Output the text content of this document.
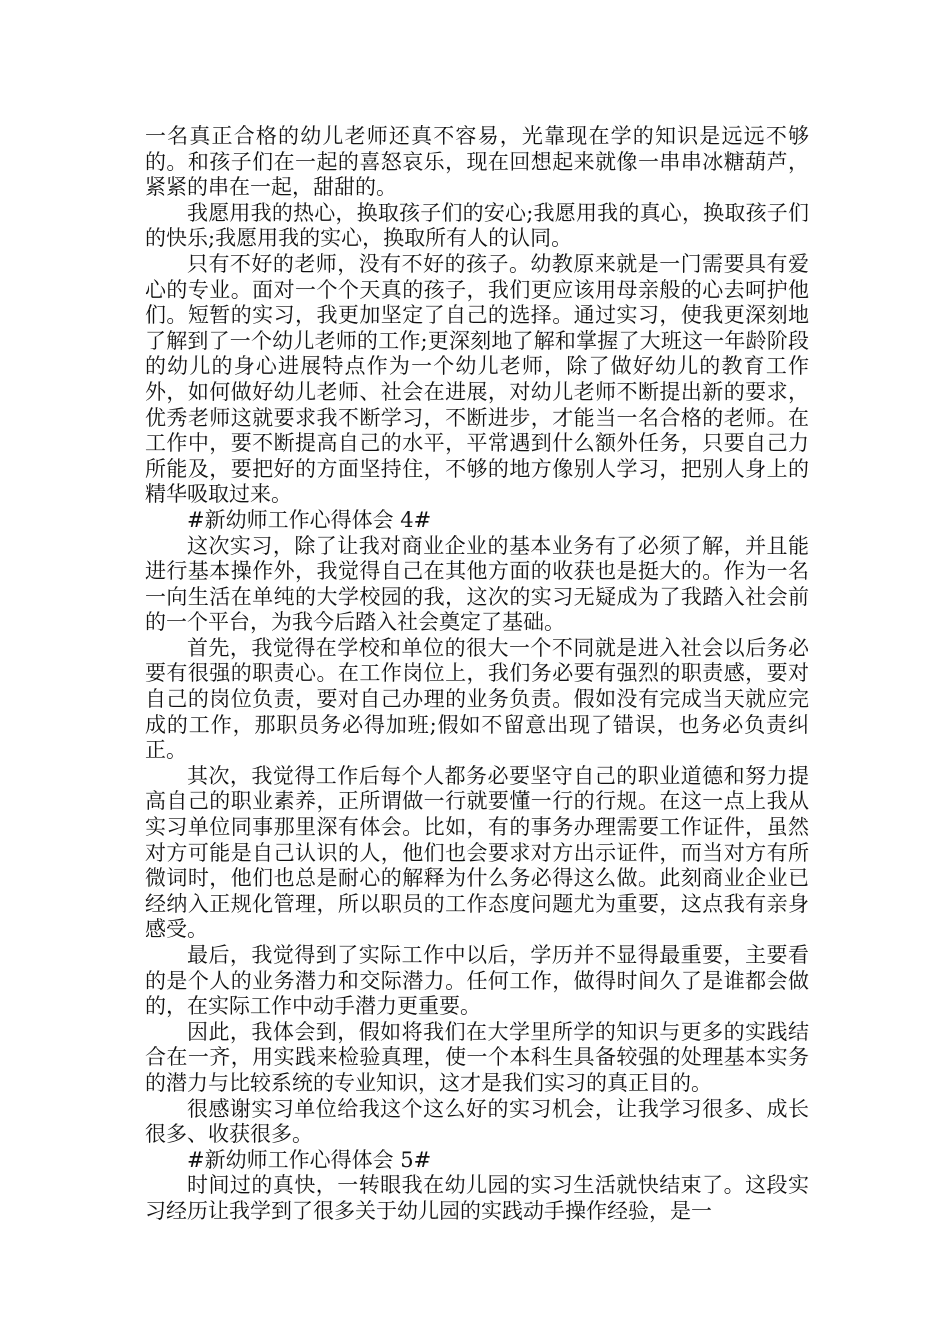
一名真正合格的幼儿老师还真不容易，光靠现在学的知识是远远不够的。和孩子们在一起的喜怒哀乐，现在回想起来就像一串串冰糖葫芦，紧紧的串在一起，甜甜的。

我愿用我的热心，换取孩子们的安心;我愿用我的真心，换取孩子们的快乐;我愿用我的实心，换取所有人的认同。

只有不好的老师，没有不好的孩子。幼教原来就是一门需要具有爱心的专业。面对一个个天真的孩子，我们更应该用母亲般的心去呵护他们。短暂的实习，我更加坚定了自己的选择。通过实习，使我更深刻地了解到了一个幼儿老师的工作;更深刻地了解和掌握了大班这一年龄阶段的幼儿的身心进展特点作为一个幼儿老师，除了做好幼儿的教育工作外，如何做好幼儿老师、社会在进展，对幼儿老师不断提出新的要求，优秀老师这就要求我不断学习，不断进步，才能当一名合格的老师。在工作中，要不断提高自己的水平，平常遇到什么额外任务，只要自己力所能及，要把好的方面坚持住，不够的地方像别人学习，把别人身上的精华吸取过来。

#新幼师工作心得体会 4#

这次实习，除了让我对商业企业的基本业务有了必须了解，并且能进行基本操作外，我觉得自己在其他方面的收获也是挺大的。作为一名一向生活在单纯的大学校园的我，这次的实习无疑成为了我踏入社会前的一个平台，为我今后踏入社会奠定了基础。

首先，我觉得在学校和单位的很大一个不同就是进入社会以后务必要有很强的职责心。在工作岗位上，我们务必要有强烈的职责感，要对自己的岗位负责，要对自己办理的业务负责。假如没有完成当天就应完成的工作，那职员务必得加班;假如不留意出现了错误，也务必负责纠正。

其次，我觉得工作后每个人都务必要坚守自己的职业道德和努力提高自己的职业素养，正所谓做一行就要懂一行的行规。在这一点上我从实习单位同事那里深有体会。比如，有的事务办理需要工作证件，虽然对方可能是自己认识的人，他们也会要求对方出示证件，而当对方有所微词时，他们也总是耐心的解释为什么务必得这么做。此刻商业企业已经纳入正规化管理，所以职员的工作态度问题尤为重要，这点我有亲身感受。

最后，我觉得到了实际工作中以后，学历并不显得最重要，主要看的是个人的业务潜力和交际潜力。任何工作，做得时间久了是谁都会做的，在实际工作中动手潜力更重要。

因此，我体会到，假如将我们在大学里所学的知识与更多的实践结合在一齐，用实践来检验真理，使一个本科生具备较强的处理基本实务的潜力与比较系统的专业知识，这才是我们实习的真正目的。

很感谢实习单位给我这个这么好的实习机会，让我学习很多、成长很多、收获很多。

#新幼师工作心得体会 5#

时间过的真快，一转眼我在幼儿园的实习生活就快结束了。这段实习经历让我学到了很多关于幼儿园的实践动手操作经验，是一
